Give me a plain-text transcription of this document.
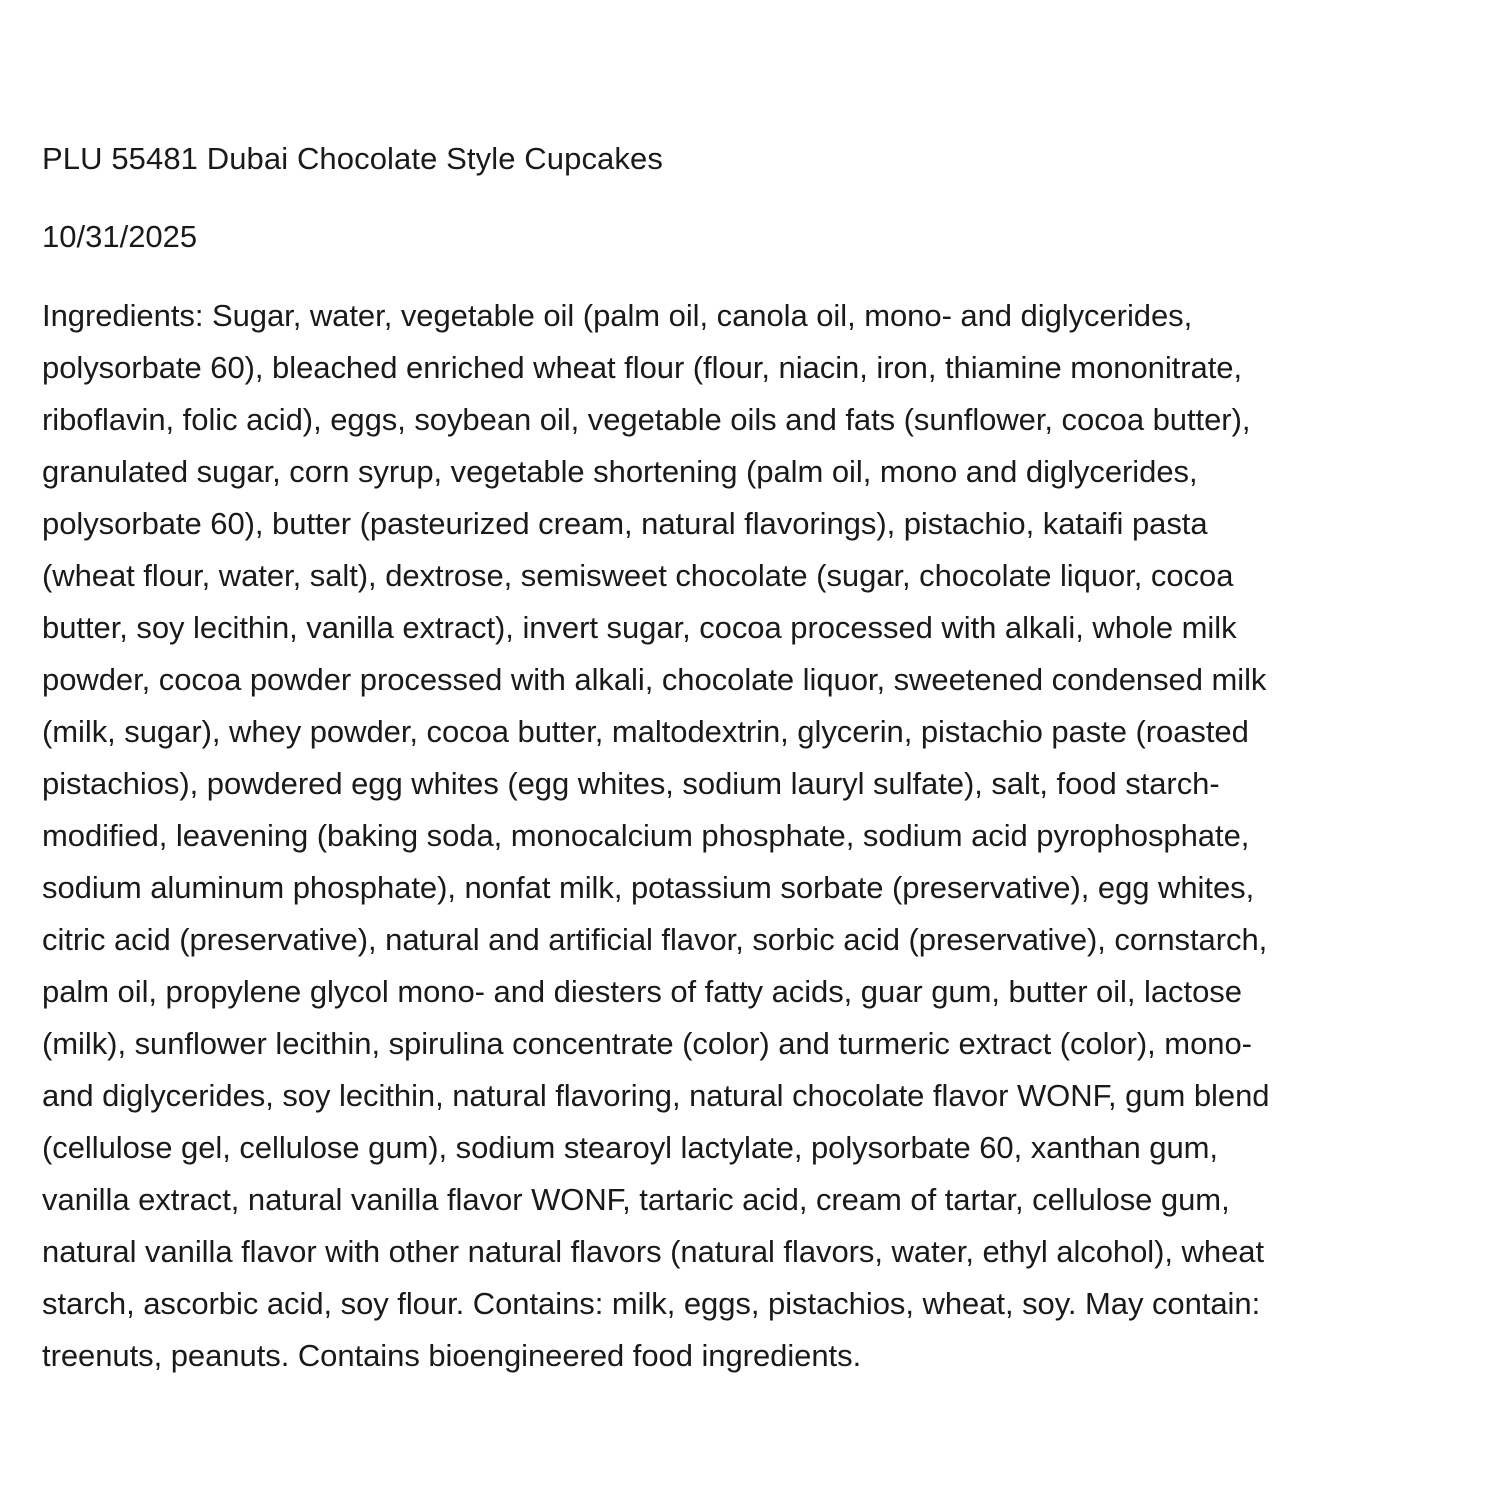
PLU 55481 Dubai Chocolate Style Cupcakes
10/31/2025
Ingredients: Sugar, water, vegetable oil (palm oil, canola oil, mono- and diglycerides,
polysorbate 60), bleached enriched wheat flour (flour, niacin, iron, thiamine mononitrate,
riboflavin, folic acid), eggs, soybean oil, vegetable oils and fats (sunflower, cocoa butter),
granulated sugar, corn syrup, vegetable shortening (palm oil, mono and diglycerides,
polysorbate 60), butter (pasteurized cream, natural flavorings), pistachio, kataifi pasta
(wheat flour, water, salt), dextrose, semisweet chocolate (sugar, chocolate liquor, cocoa
butter, soy lecithin, vanilla extract), invert sugar, cocoa processed with alkali, whole milk
powder, cocoa powder processed with alkali, chocolate liquor, sweetened condensed milk
(milk, sugar), whey powder, cocoa butter, maltodextrin, glycerin, pistachio paste (roasted
pistachios), powdered egg whites (egg whites, sodium lauryl sulfate), salt, food starch-
modified, leavening (baking soda, monocalcium phosphate, sodium acid pyrophosphate,
sodium aluminum phosphate), nonfat milk, potassium sorbate (preservative), egg whites,
citric acid (preservative), natural and artificial flavor, sorbic acid (preservative), cornstarch,
palm oil, propylene glycol mono- and diesters of fatty acids, guar gum, butter oil, lactose
(milk), sunflower lecithin, spirulina concentrate (color) and turmeric extract (color), mono-
and diglycerides, soy lecithin, natural flavoring, natural chocolate flavor WONF, gum blend
(cellulose gel, cellulose gum), sodium stearoyl lactylate, polysorbate 60, xanthan gum,
vanilla extract, natural vanilla flavor WONF, tartaric acid, cream of tartar, cellulose gum,
natural vanilla flavor with other natural flavors (natural flavors, water, ethyl alcohol), wheat
starch, ascorbic acid, soy flour. Contains: milk, eggs, pistachios, wheat, soy. May contain:
treenuts, peanuts. Contains bioengineered food ingredients.
